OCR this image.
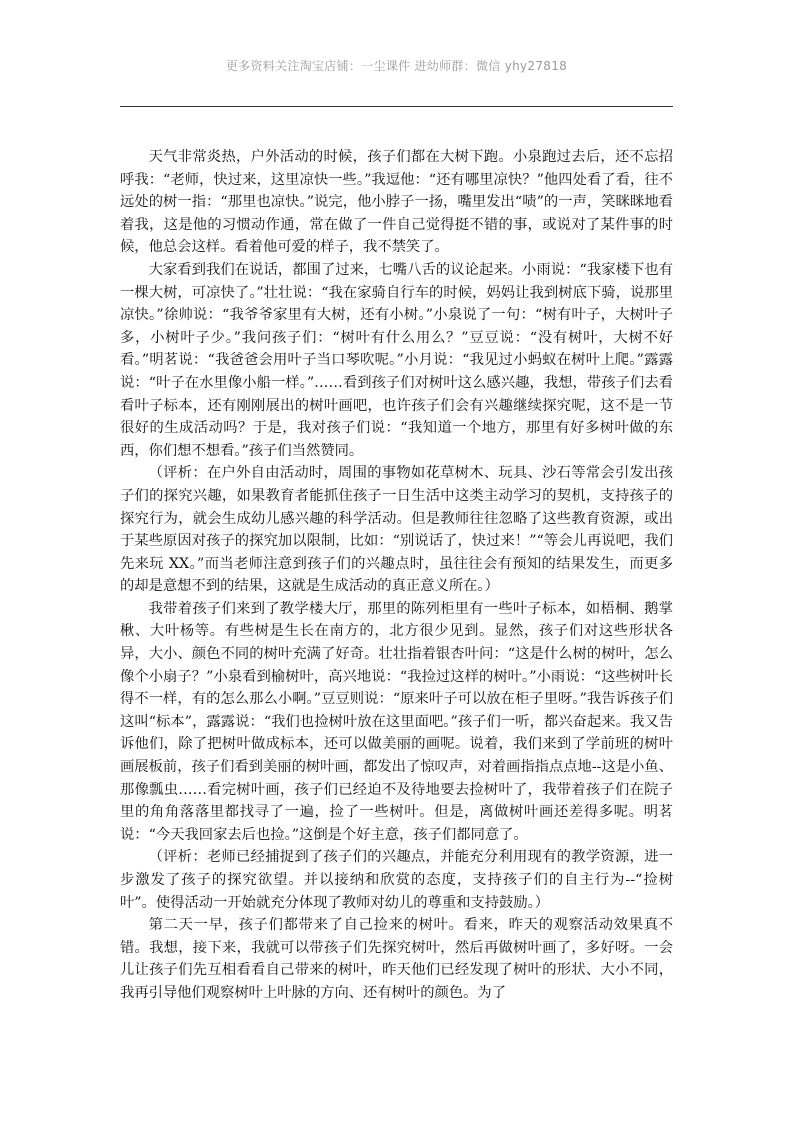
更多资料关注淘宝店铺：一尘课件 进幼师群：微信 yhy27818

天气非常炎热，户外活动的时候，孩子们都在大树下跑。小泉跑过去后，还不忘招呼我：“老师，快过来，这里凉快一些。”我逗他：“还有哪里凉快？”他四处看了看，往不远处的树一指：“那里也凉快。”说完，他小脖子一扬，嘴里发出“啧”的一声，笑眯眯地看着我，这是他的习惯动作通，常在做了一件自己觉得挺不错的事，或说对了某件事的时候，他总会这样。看着他可爱的样子，我不禁笑了。

大家看到我们在说话，都围了过来，七嘴八舌的议论起来。小雨说：“我家楼下也有一棵大树，可凉快了。”壮壮说：“我在家骑自行车的时候，妈妈让我到树底下骑，说那里凉快。”徐帅说：“我爷爷家里有大树，还有小树。”小泉说了一句：“树有叶子，大树叶子多，小树叶子少。”我问孩子们：“树叶有什么用么？”豆豆说：“没有树叶，大树不好看。”明茗说：“我爸爸会用叶子当口琴吹呢。”小月说：“我见过小蚂蚁在树叶上爬。”露露说：“叶子在水里像小船一样。”……看到孩子们对树叶这么感兴趣，我想，带孩子们去看看叶子标本，还有刚刚展出的树叶画吧，也许孩子们会有兴趣继续探究呢，这不是一节很好的生成活动吗？于是，我对孩子们说：“我知道一个地方，那里有好多树叶做的东西，你们想不想看。”孩子们当然赞同。

（评析：在户外自由活动时，周围的事物如花草树木、玩具、沙石等常会引发出孩子们的探究兴趣，如果教育者能抓住孩子一日生活中这类主动学习的契机，支持孩子的探究行为，就会生成幼儿感兴趣的科学活动。但是教师往往忽略了这些教育资源，或出于某些原因对孩子的探究加以限制，比如：“别说话了，快过来！”“等会儿再说吧，我们先来玩 XX。”而当老师注意到孩子们的兴趣点时，虽往往会有预知的结果发生，而更多的却是意想不到的结果，这就是生成活动的真正意义所在。）

我带着孩子们来到了教学楼大厅，那里的陈列柜里有一些叶子标本，如梧桐、鹅掌楸、大叶杨等。有些树是生长在南方的，北方很少见到。显然，孩子们对这些形状各异，大小、颜色不同的树叶充满了好奇。壮壮指着银杏叶问：“这是什么树的树叶，怎么像个小扇子？”小泉看到榆树叶，高兴地说：“我捡过这样的树叶。”小雨说：“这些树叶长得不一样，有的怎么那么小啊。”豆豆则说：“原来叶子可以放在柜子里呀。”我告诉孩子们这叫“标本”，露露说：“我们也捡树叶放在这里面吧。”孩子们一听，都兴奋起来。我又告诉他们，除了把树叶做成标本，还可以做美丽的画呢。说着，我们来到了学前班的树叶画展板前，孩子们看到美丽的树叶画，都发出了惊叹声，对着画指指点点地--这是小鱼、那像瓢虫……看完树叶画，孩子们已经迫不及待地要去捡树叶了，我带着孩子们在院子里的角角落落里都找寻了一遍，捡了一些树叶。但是，离做树叶画还差得多呢。明茗说：“今天我回家去后也捡。”这倒是个好主意，孩子们都同意了。

（评析：老师已经捕捉到了孩子们的兴趣点，并能充分利用现有的教学资源，进一步激发了孩子的探究欲望。并以接纳和欣赏的态度，支持孩子们的自主行为--“捡树叶”。使得活动一开始就充分体现了教师对幼儿的尊重和支持鼓励。）

第二天一早，孩子们都带来了自己捡来的树叶。看来，昨天的观察活动效果真不错。我想，接下来，我就可以带孩子们先探究树叶，然后再做树叶画了，多好呀。一会儿让孩子们先互相看看自己带来的树叶，昨天他们已经发现了树叶的形状、大小不同，我再引导他们观察树叶上叶脉的方向、还有树叶的颜色。为了
